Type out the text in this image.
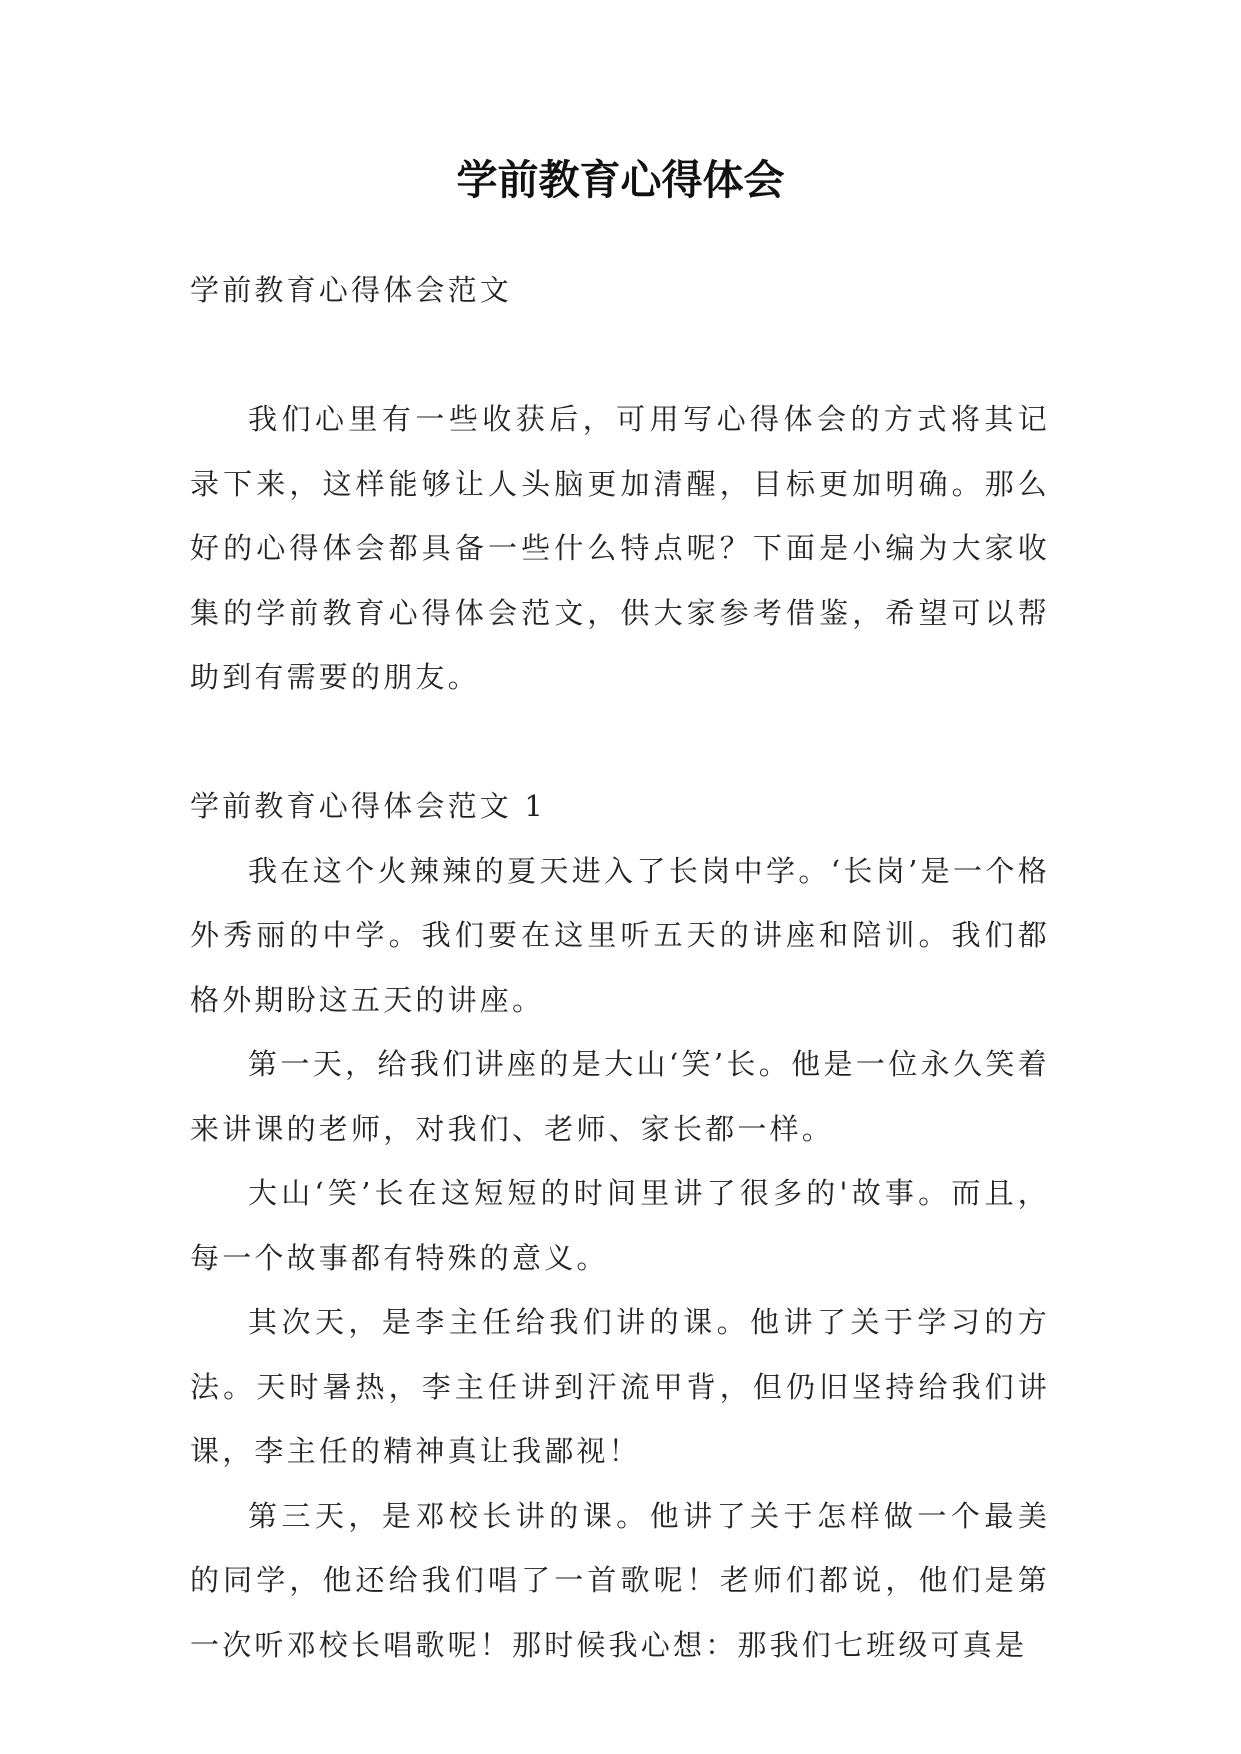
学前教育心得体会

学前教育心得体会范文

我们心里有一些收获后，可用写心得体会的方式将其记录下来，这样能够让人头脑更加清醒，目标更加明确。那么好的心得体会都具备一些什么特点呢？下面是小编为大家收集的学前教育心得体会范文，供大家参考借鉴，希望可以帮助到有需要的朋友。

学前教育心得体会范文 1

我在这个火辣辣的夏天进入了长岗中学。‘长岗’是一个格外秀丽的中学。我们要在这里听五天的讲座和陪训。我们都格外期盼这五天的讲座。

第一天，给我们讲座的是大山‘笑’长。他是一位永久笑着来讲课的老师，对我们、老师、家长都一样。

大山‘笑’长在这短短的时间里讲了很多的'故事。而且，每一个故事都有特殊的意义。

其次天，是李主任给我们讲的课。他讲了关于学习的方法。天时暑热，李主任讲到汗流甲背，但仍旧坚持给我们讲课，李主任的精神真让我鄙视！

第三天，是邓校长讲的课。他讲了关于怎样做一个最美的同学，他还给我们唱了一首歌呢！老师们都说，他们是第一次听邓校长唱歌呢！那时候我心想：那我们七班级可真是
